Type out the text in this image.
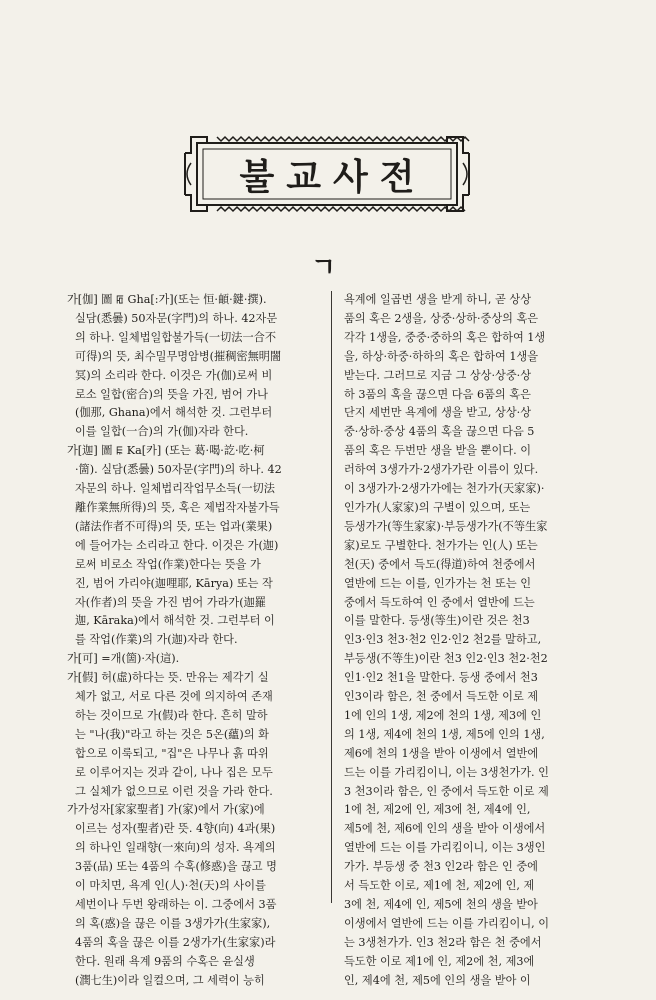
불교사전
ㄱ
가[伽] 圖 ꡂ Gha[:가](또는 恒·頔·鍵·撰).
실담(悉曇) 50자문(字門)의 하나. 42자문
의 하나. 일체법일합불가득(一切法一合不
可得)의 뜻, 최수밀무명암병(摧稠密無明闇
冥)의 소리라 한다. 이것은 가(伽)로써 비
로소 일합(密合)의 뜻을 가진, 범어 가나
(伽那, Ghana)에서 해석한 것. 그런부터
이를 일합(一合)의 가(伽)자라 한다.
가[迦] 圖 ꡀ Ka[카] (또는 葛·喝·訖·吃·柯
·箇). 실담(悉曇) 50자문(字門)의 하나. 42
자문의 하나. 일체법리작업무소득(一切法
離作業無所得)의 뜻, 혹은 제법작자불가득
(諸法作者不可得)의 뜻, 또는 업과(業果)
에 들어가는 소리라고 한다. 이것은 가(迦)
로써 비로소 작업(作業)한다는 뜻을 가
진, 범어 가리야(迦哩耶, Kārya) 또는 작
자(作者)의 뜻을 가진 범어 가라가(迦羅
迦, Kāraka)에서 해석한 것. 그런부터 이
를 작업(作業)의 가(迦)자라 한다.
가[可] =개(箇)·자(這).
가[假] 허(虛)하다는 뜻. 만유는 제각기 실
체가 없고, 서로 다른 것에 의지하여 존재
하는 것이므로 가(假)라 한다. 흔히 말하
는 "나(我)"라고 하는 것은 5온(蘊)의 화
합으로 이룩되고, "집"은 나무나 흙 따위
로 이루어지는 것과 같이, 나나 집은 모두
그 실체가 없으므로 이런 것을 가라 한다.
가가성자[家家聖者] 가(家)에서 가(家)에
이르는 성자(聖者)란 뜻. 4향(向) 4과(果)
의 하나인 일래향(一來向)의 성자. 욕계의
3품(品) 또는 4품의 수혹(修惑)을 끊고 명
이 마치면, 욕계 인(人)·천(天)의 사이를
세번이나 두번 왕래하는 이. 그중에서 3품
의 혹(惑)을 끊은 이를 3생가가(生家家),
4품의 혹을 끊은 이를 2생가가(生家家)라
한다. 원래 욕계 9품의 수혹은 윤실생
(潤七生)이라 일컬으며, 그 세력이 능히
욕계에 일곱번 생을 받게 하니, 곧 상상
품의 혹은 2생을, 상중·상하·중상의 혹은
각각 1생을, 중중·중하의 혹은 합하여 1생
을, 하상·하중·하하의 혹은 합하여 1생을
받는다. 그러므로 지금 그 상상·상중·상
하 3품의 혹을 끊으면 다음 6품의 혹은
단지 세번만 욕계에 생을 받고, 상상·상
중·상하·중상 4품의 혹을 끊으면 다음 5
품의 혹은 두번만 생을 받을 뿐이다. 이
러하여 3생가가·2생가가란 이름이 있다.
이 3생가가·2생가가에는 천가가(天家家)·
인가가(人家家)의 구별이 있으며, 또는
등생가가(等生家家)·부등생가가(不等生家
家)로도 구별한다. 천가가는 인(人) 또는
천(天) 중에서 득도(得道)하여 천중에서
열반에 드는 이를, 인가가는 천 또는 인
중에서 득도하여 인 중에서 열반에 드는
이를 말한다. 등생(等生)이란 것은 천3
인3·인3 천3·천2 인2·인2 천2를 말하고,
부등생(不等生)이란 천3 인2·인3 천2·천2
인1·인2 천1을 말한다. 등생 중에서 천3
인3이라 함은, 천 중에서 득도한 이로 제
1에 인의 1생, 제2에 천의 1생, 제3에 인
의 1생, 제4에 천의 1생, 제5에 인의 1생,
제6에 천의 1생을 받아 이생에서 열반에
드는 이를 가리킴이니, 이는 3생천가가. 인
3 천3이라 함은, 인 중에서 득도한 이로 제
1에 천, 제2에 인, 제3에 천, 제4에 인,
제5에 천, 제6에 인의 생을 받아 이생에서
열반에 드는 이를 가리킴이니, 이는 3생인
가가. 부등생 중 천3 인2라 함은 인 중에
서 득도한 이로, 제1에 천, 제2에 인, 제
3에 천, 제4에 인, 제5에 천의 생을 받아
이생에서 열반에 드는 이를 가리킴이니, 이
는 3생천가가. 인3 천2라 함은 천 중에서
득도한 이로 제1에 인, 제2에 천, 제3에
인, 제4에 천, 제5에 인의 생을 받아 이
